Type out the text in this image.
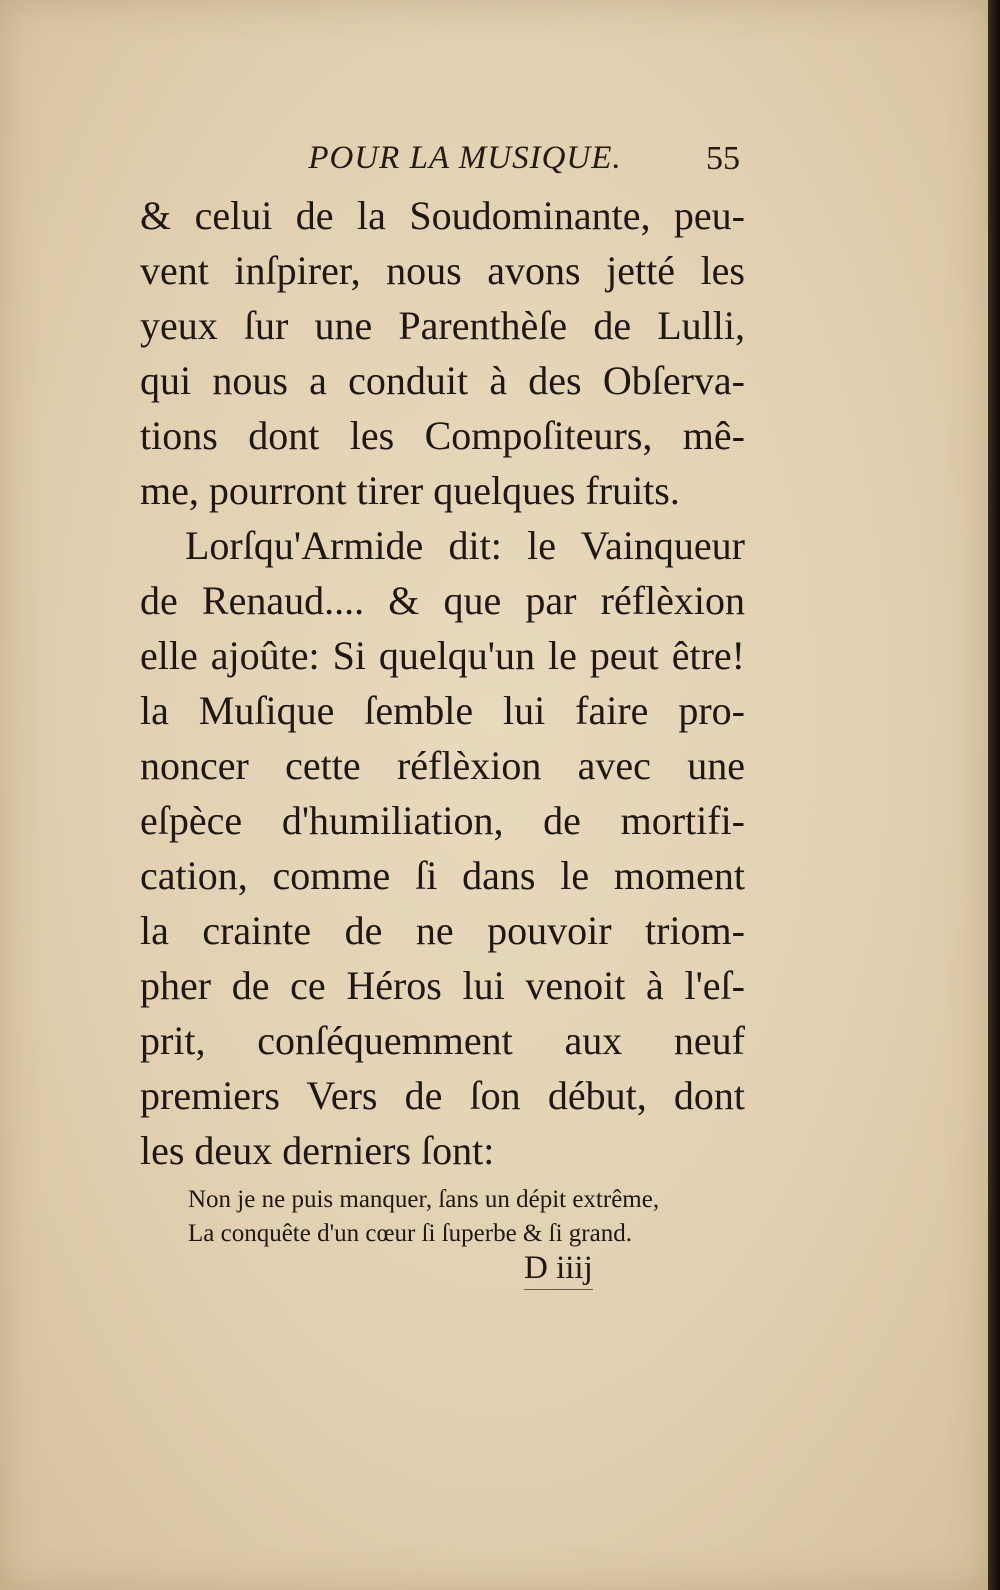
POUR LA MUSIQUE.	55
& celui de la Soudominante, peu-
vent inſpirer, nous avons jetté les
yeux ſur une Parenthèſe de Lulli,
qui nous a conduit à des Obſerva-
tions dont les Compoſiteurs, mê-
me, pourront tirer quelques fruits.
Lorſqu'Armide dit: le Vainqueur
de Renaud.... & que par réflèxion
elle ajoûte: Si quelqu'un le peut être!
la Muſique ſemble lui faire pro-
noncer cette réflèxion avec une
eſpèce d'humiliation, de mortifi-
cation, comme ſi dans le moment
la crainte de ne pouvoir triom-
pher de ce Héros lui venoit à l'eſ-
prit, conſéquemment aux neuf
premiers Vers de ſon début, dont
les deux derniers ſont:
Non je ne puis manquer, ſans un dépit extrême,
La conquête d'un cœur ſi ſuperbe & ſi grand.
D iiij
